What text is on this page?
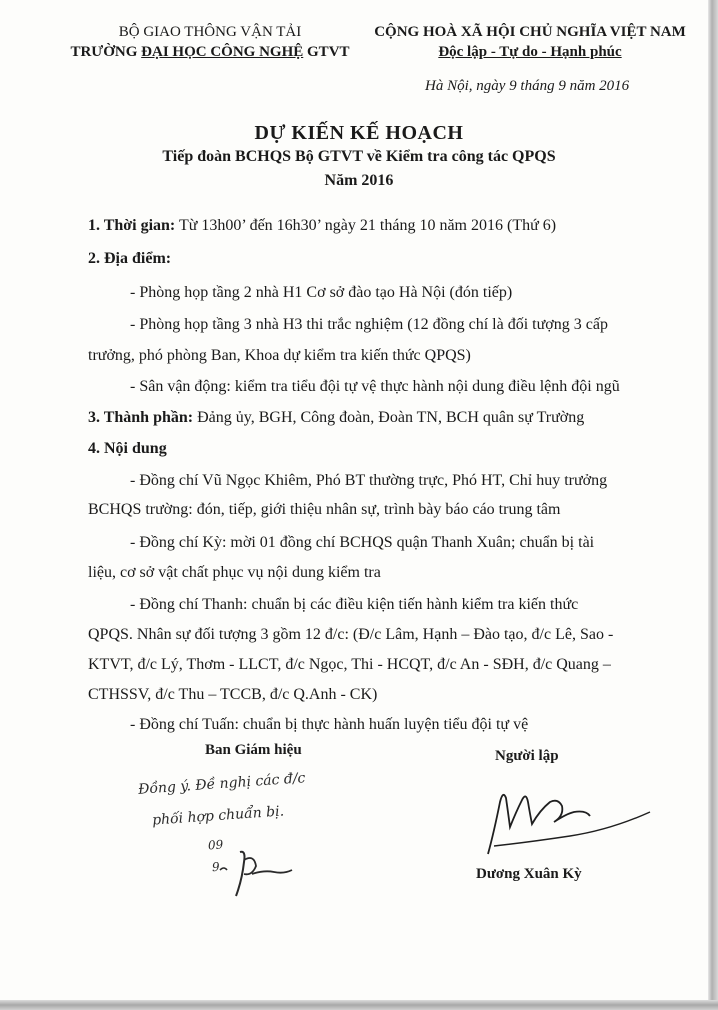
BỘ GIAO THÔNG VẬN TẢI
TRƯỜNG ĐẠI HỌC CÔNG NGHỆ GTVT
CỘNG HOÀ XÃ HỘI CHỦ NGHĨA VIỆT NAM
Độc lập - Tự do - Hạnh phúc
Hà Nội, ngày 9 tháng 9 năm 2016
DỰ KIẾN KẾ HOẠCH
Tiếp đoàn BCHQS Bộ GTVT về Kiểm tra công tác QPQS
Năm 2016
1. Thời gian: Từ 13h00’ đến 16h30’ ngày 21 tháng 10 năm 2016 (Thứ 6)
2. Địa điểm:
- Phòng họp tầng 2 nhà H1 Cơ sở đào tạo Hà Nội (đón tiếp)
- Phòng họp tầng 3 nhà H3 thi trắc nghiệm (12 đồng chí là đối tượng 3 cấp
trưởng, phó phòng Ban, Khoa dự kiểm tra kiến thức QPQS)
- Sân vận động: kiểm tra tiểu đội tự vệ thực hành nội dung điều lệnh đội ngũ
3. Thành phần: Đảng ủy, BGH, Công đoàn, Đoàn TN, BCH quân sự Trường
4. Nội dung
- Đồng chí Vũ Ngọc Khiêm, Phó BT thường trực, Phó HT, Chỉ huy trưởng
BCHQS trường: đón, tiếp, giới thiệu nhân sự, trình bày báo cáo trung tâm
- Đồng chí Kỳ: mời 01 đồng chí BCHQS quận Thanh Xuân; chuẩn bị tài
liệu, cơ sở vật chất phục vụ nội dung kiểm tra
- Đồng chí Thanh: chuẩn bị các điều kiện tiến hành kiểm tra kiến thức
QPQS. Nhân sự đối tượng 3 gồm 12 đ/c: (Đ/c Lâm, Hạnh – Đào tạo, đ/c Lê, Sao -
KTVT, đ/c Lý, Thơm - LLCT, đ/c Ngọc, Thi - HCQT, đ/c An - SĐH, đ/c Quang –
CTHSSV, đ/c Thu – TCCB, đ/c Q.Anh - CK)
- Đồng chí Tuấn: chuẩn bị thực hành huấn luyện tiểu đội tự vệ
Ban Giám hiệu	Người lập
Đồng ý. Đề nghị các đ/c
phối hợp chuẩn bị.
09
9	Dương Xuân Kỳ
